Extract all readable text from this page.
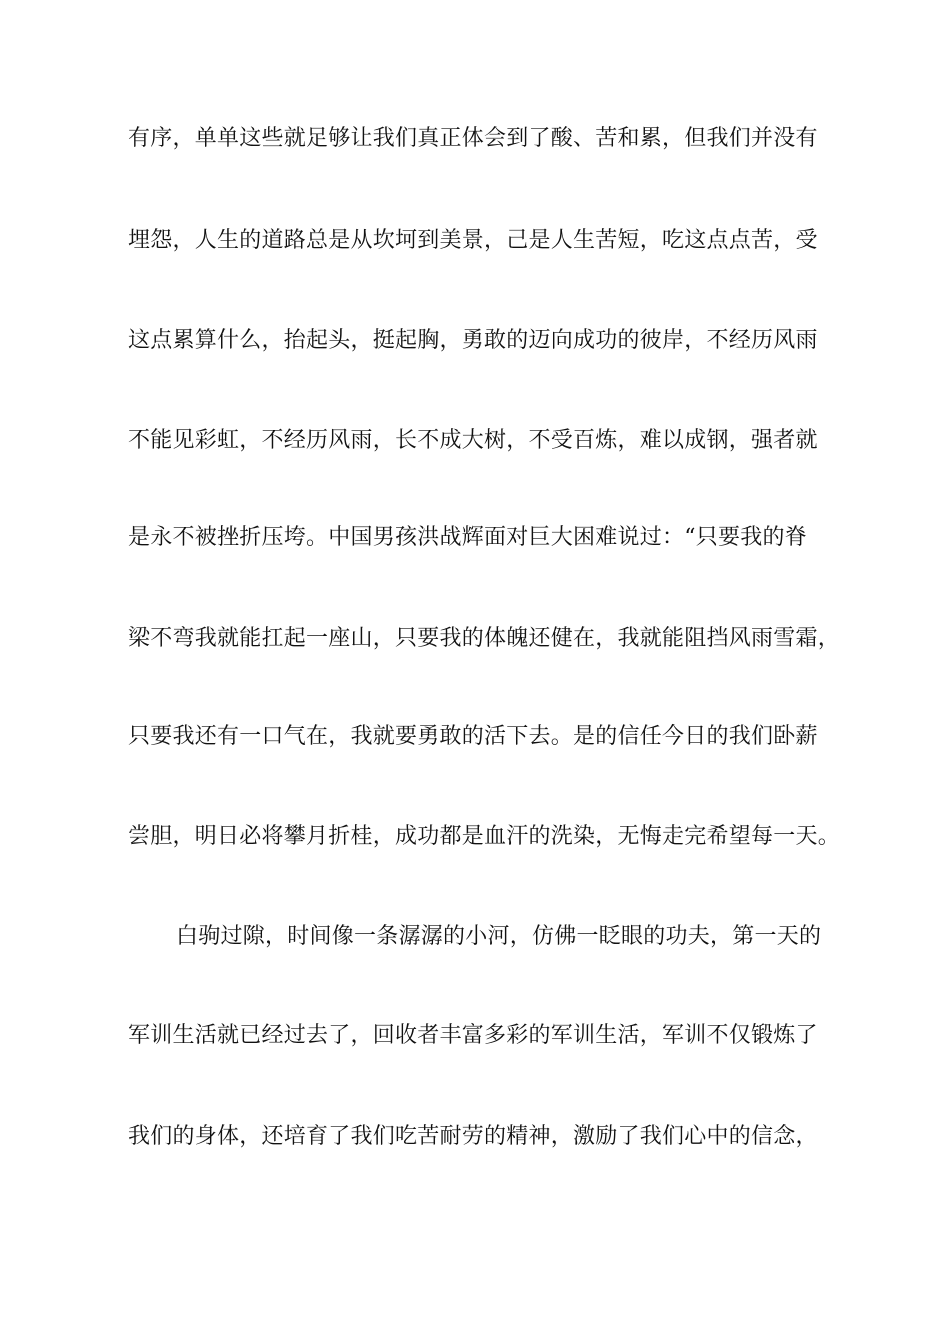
有序，单单这些就足够让我们真正体会到了酸、苦和累，但我们并没有

埋怨，人生的道路总是从坎坷到美景，己是人生苦短，吃这点点苦，受

这点累算什么，抬起头，挺起胸，勇敢的迈向成功的彼岸，不经历风雨

不能见彩虹，不经历风雨，长不成大树，不受百炼，难以成钢，强者就

是永不被挫折压垮。中国男孩洪战辉面对巨大困难说过：“只要我的脊

梁不弯我就能扛起一座山，只要我的体魄还健在，我就能阻挡风雨雪霜，

只要我还有一口气在，我就要勇敢的活下去。是的信任今日的我们卧薪

尝胆，明日必将攀月折桂，成功都是血汗的洗染，无悔走完希望每一天。

白驹过隙，时间像一条潺潺的小河，仿佛一眨眼的功夫，第一天的

军训生活就已经过去了，回收者丰富多彩的军训生活，军训不仅锻炼了

我们的身体，还培育了我们吃苦耐劳的精神，激励了我们心中的信念，
